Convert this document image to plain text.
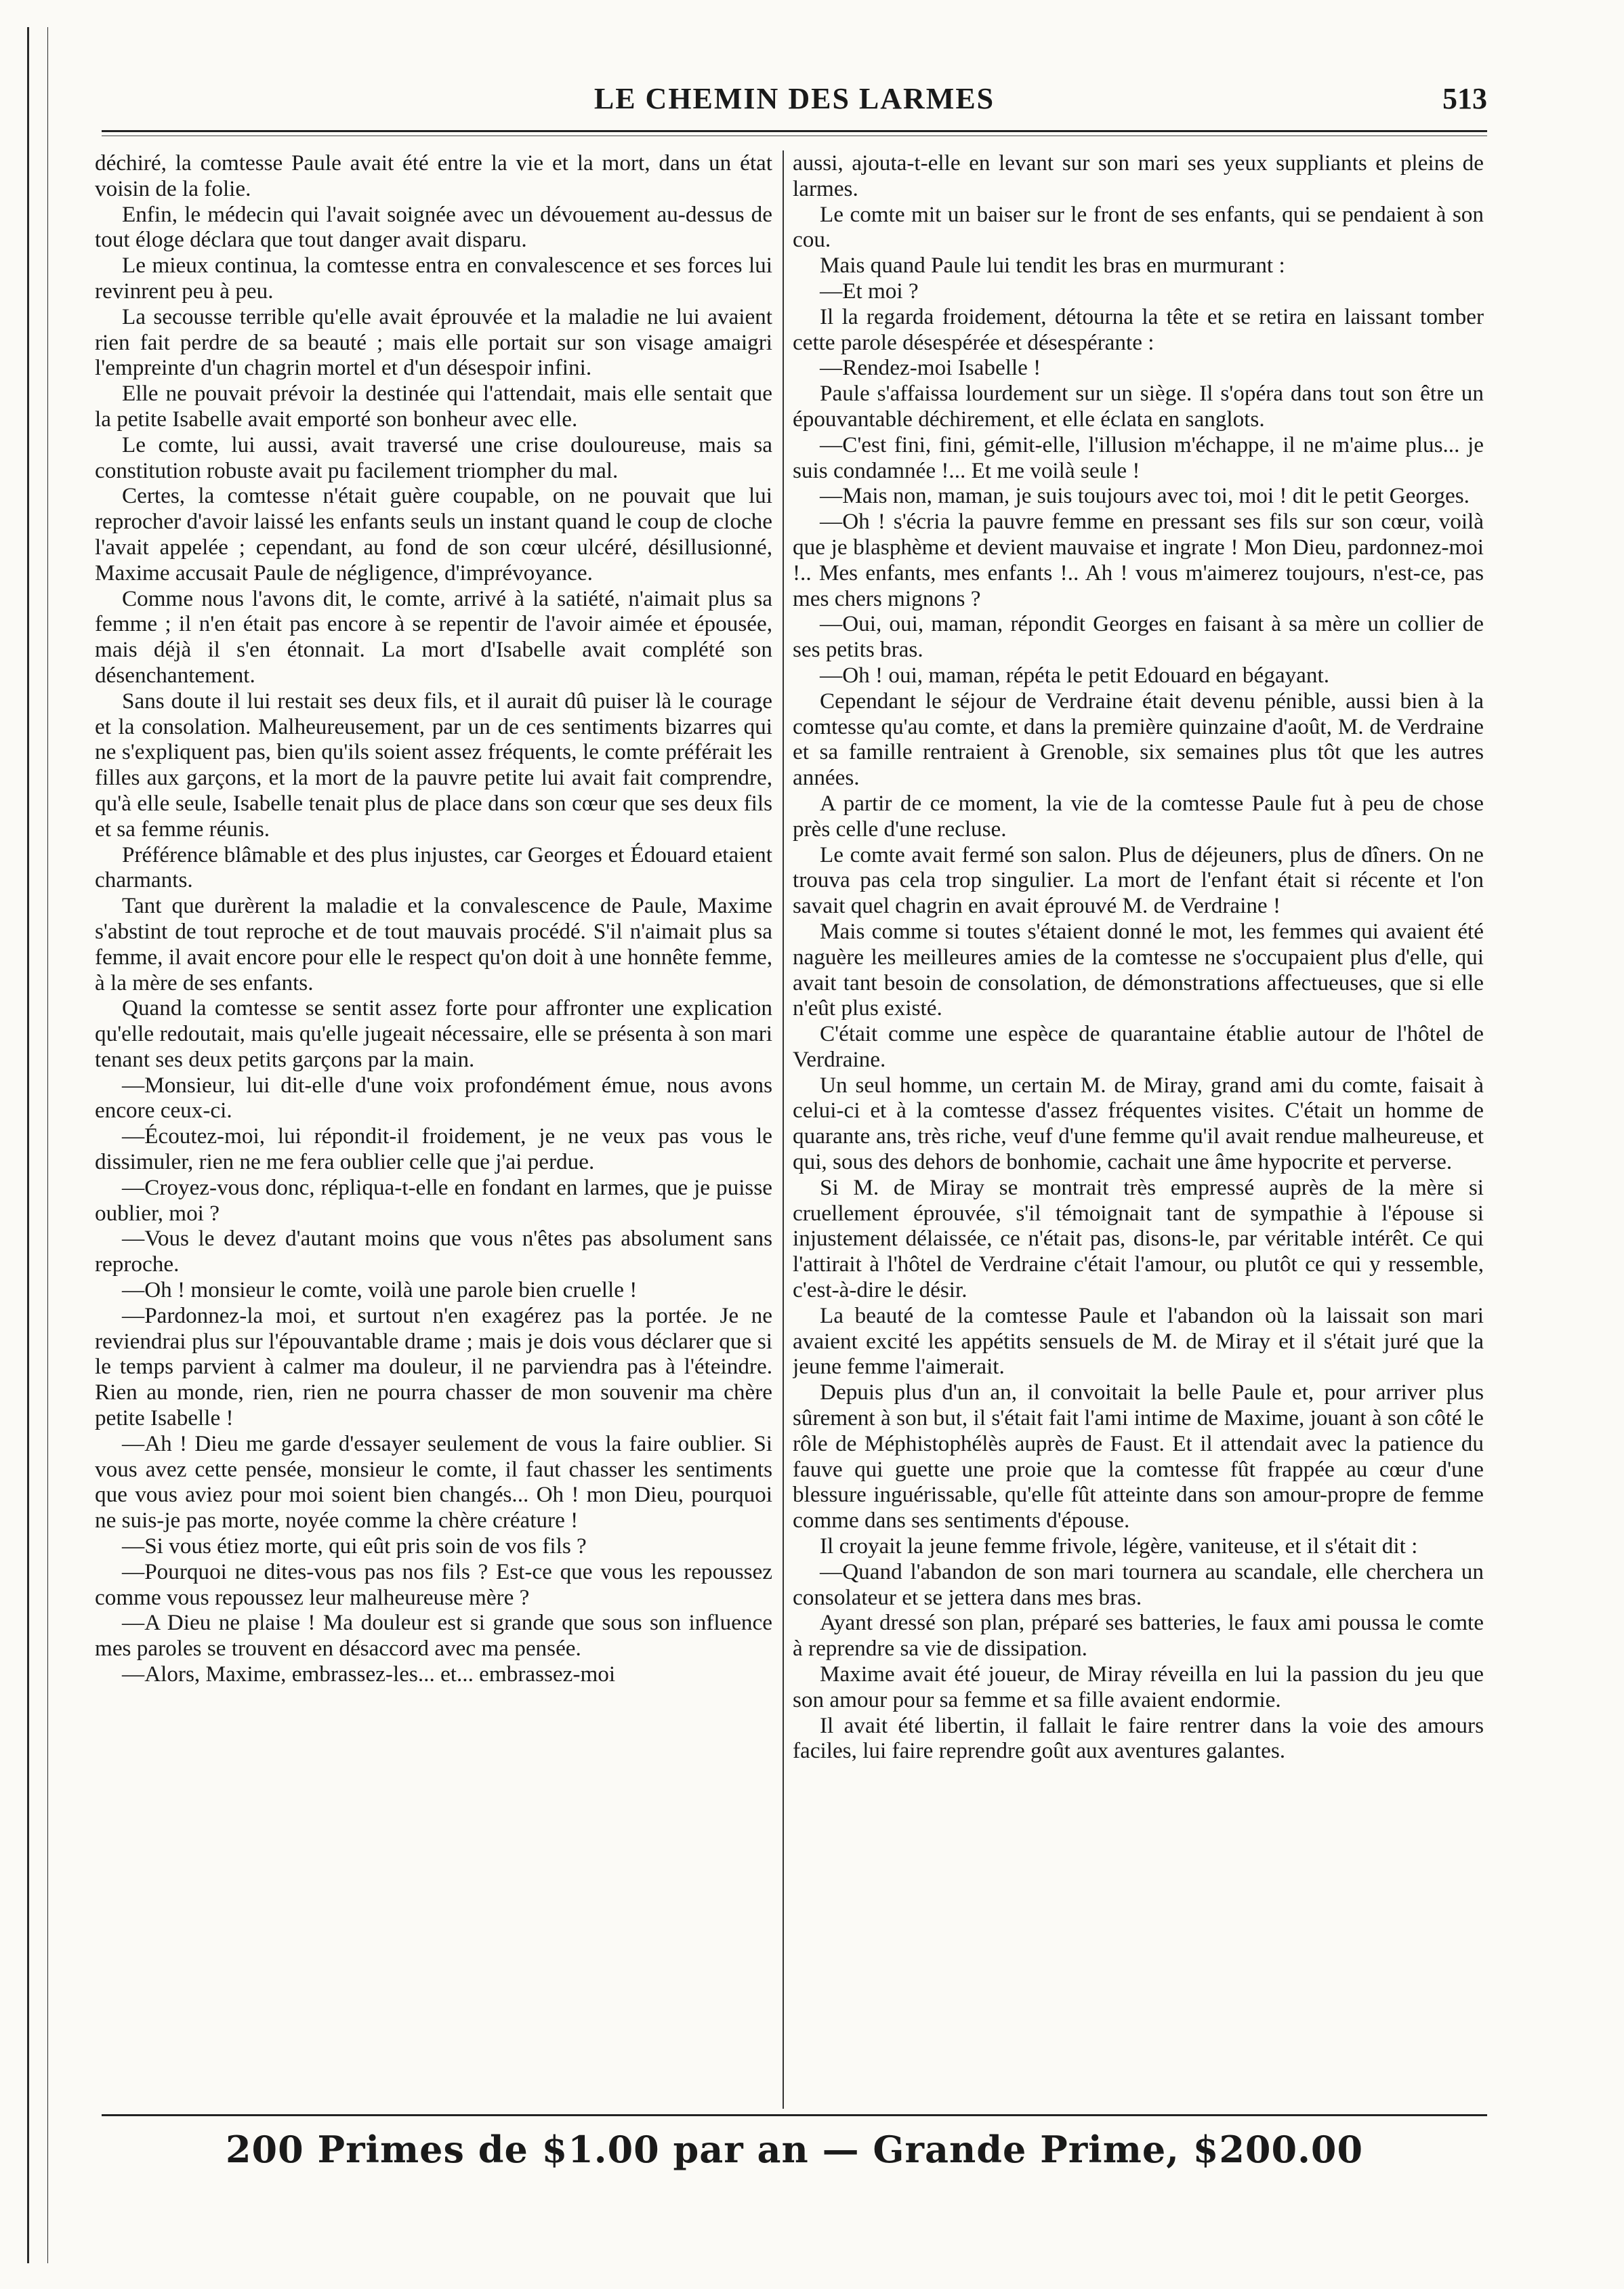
LE CHEMIN DES LARMES	513

déchiré, la comtesse Paule avait été entre la vie et la mort, dans un état voisin de la folie.

Enfin, le médecin qui l'avait soignée avec un dévouement au-dessus de tout éloge déclara que tout danger avait disparu.

Le mieux continua, la comtesse entra en convalescence et ses forces lui revinrent peu à peu.

La secousse terrible qu'elle avait éprouvée et la maladie ne lui avaient rien fait perdre de sa beauté ; mais elle portait sur son visage amaigri l'empreinte d'un chagrin mortel et d'un désespoir infini.

Elle ne pouvait prévoir la destinée qui l'attendait, mais elle sentait que la petite Isabelle avait emporté son bonheur avec elle.

Le comte, lui aussi, avait traversé une crise douloureuse, mais sa constitution robuste avait pu facilement triompher du mal.

Certes, la comtesse n'était guère coupable, on ne pouvait que lui reprocher d'avoir laissé les enfants seuls un instant quand le coup de cloche l'avait appelée ; cependant, au fond de son cœur ulcéré, désillusionné, Maxime accusait Paule de négligence, d'imprévoyance.

Comme nous l'avons dit, le comte, arrivé à la satiété, n'aimait plus sa femme ; il n'en était pas encore à se repentir de l'avoir aimée et épousée, mais déjà il s'en étonnait. La mort d'Isabelle avait complété son désenchantement.

Sans doute il lui restait ses deux fils, et il aurait dû puiser là le courage et la consolation. Malheureusement, par un de ces sentiments bizarres qui ne s'expliquent pas, bien qu'ils soient assez fréquents, le comte préférait les filles aux garçons, et la mort de la pauvre petite lui avait fait comprendre, qu'à elle seule, Isabelle tenait plus de place dans son cœur que ses deux fils et sa femme réunis.

Préférence blâmable et des plus injustes, car Georges et Édouard etaient charmants.

Tant que durèrent la maladie et la convalescence de Paule, Maxime s'abstint de tout reproche et de tout mauvais procédé. S'il n'aimait plus sa femme, il avait encore pour elle le respect qu'on doit à une honnête femme, à la mère de ses enfants.

Quand la comtesse se sentit assez forte pour affronter une explication qu'elle redoutait, mais qu'elle jugeait nécessaire, elle se présenta à son mari tenant ses deux petits garçons par la main.

—Monsieur, lui dit-elle d'une voix profondément émue, nous avons encore ceux-ci.

—Écoutez-moi, lui répondit-il froidement, je ne veux pas vous le dissimuler, rien ne me fera oublier celle que j'ai perdue.

—Croyez-vous donc, répliqua-t-elle en fondant en larmes, que je puisse oublier, moi ?

—Vous le devez d'autant moins que vous n'êtes pas absolument sans reproche.

—Oh ! monsieur le comte, voilà une parole bien cruelle !

—Pardonnez-la moi, et surtout n'en exagérez pas la portée. Je ne reviendrai plus sur l'épouvantable drame ; mais je dois vous déclarer que si le temps parvient à calmer ma douleur, il ne parviendra pas à l'éteindre. Rien au monde, rien, rien ne pourra chasser de mon souvenir ma chère petite Isabelle !

—Ah ! Dieu me garde d'essayer seulement de vous la faire oublier. Si vous avez cette pensée, monsieur le comte, il faut chasser les sentiments que vous aviez pour moi soient bien changés... Oh ! mon Dieu, pourquoi ne suis-je pas morte, noyée comme la chère créature !

—Si vous étiez morte, qui eût pris soin de vos fils ?

—Pourquoi ne dites-vous pas nos fils ? Est-ce que vous les repoussez comme vous repoussez leur malheureuse mère ?

—A Dieu ne plaise ! Ma douleur est si grande que sous son influence mes paroles se trouvent en désaccord avec ma pensée.

—Alors, Maxime, embrassez-les... et... embrassez-moi

aussi, ajouta-t-elle en levant sur son mari ses yeux suppliants et pleins de larmes.

Le comte mit un baiser sur le front de ses enfants, qui se pendaient à son cou.

Mais quand Paule lui tendit les bras en murmurant :

—Et moi ?

Il la regarda froidement, détourna la tête et se retira en laissant tomber cette parole désespérée et désespérante :

—Rendez-moi Isabelle !

Paule s'affaissa lourdement sur un siège. Il s'opéra dans tout son être un épouvantable déchirement, et elle éclata en sanglots.

—C'est fini, fini, gémit-elle, l'illusion m'échappe, il ne m'aime plus... je suis condamnée !... Et me voilà seule !

—Mais non, maman, je suis toujours avec toi, moi ! dit le petit Georges.

—Oh ! s'écria la pauvre femme en pressant ses fils sur son cœur, voilà que je blasphème et devient mauvaise et ingrate ! Mon Dieu, pardonnez-moi !.. Mes enfants, mes enfants !.. Ah ! vous m'aimerez toujours, n'est-ce, pas mes chers mignons ?

—Oui, oui, maman, répondit Georges en faisant à sa mère un collier de ses petits bras.

—Oh ! oui, maman, répéta le petit Edouard en bégayant.

Cependant le séjour de Verdraine était devenu pénible, aussi bien à la comtesse qu'au comte, et dans la première quinzaine d'août, M. de Verdraine et sa famille rentraient à Grenoble, six semaines plus tôt que les autres années.

A partir de ce moment, la vie de la comtesse Paule fut à peu de chose près celle d'une recluse.

Le comte avait fermé son salon. Plus de déjeuners, plus de dîners. On ne trouva pas cela trop singulier. La mort de l'enfant était si récente et l'on savait quel chagrin en avait éprouvé M. de Verdraine !

Mais comme si toutes s'étaient donné le mot, les femmes qui avaient été naguère les meilleures amies de la comtesse ne s'occupaient plus d'elle, qui avait tant besoin de consolation, de démonstrations affectueuses, que si elle n'eût plus existé.

C'était comme une espèce de quarantaine établie autour de l'hôtel de Verdraine.

Un seul homme, un certain M. de Miray, grand ami du comte, faisait à celui-ci et à la comtesse d'assez fréquentes visites. C'était un homme de quarante ans, très riche, veuf d'une femme qu'il avait rendue malheureuse, et qui, sous des dehors de bonhomie, cachait une âme hypocrite et perverse.

Si M. de Miray se montrait très empressé auprès de la mère si cruellement éprouvée, s'il témoignait tant de sympathie à l'épouse si injustement délaissée, ce n'était pas, disons-le, par véritable intérêt. Ce qui l'attirait à l'hôtel de Verdraine c'était l'amour, ou plutôt ce qui y ressemble, c'est-à-dire le désir.

La beauté de la comtesse Paule et l'abandon où la laissait son mari avaient excité les appétits sensuels de M. de Miray et il s'était juré que la jeune femme l'aimerait.

Depuis plus d'un an, il convoitait la belle Paule et, pour arriver plus sûrement à son but, il s'était fait l'ami intime de Maxime, jouant à son côté le rôle de Méphistophélès auprès de Faust. Et il attendait avec la patience du fauve qui guette une proie que la comtesse fût frappée au cœur d'une blessure inguérissable, qu'elle fût atteinte dans son amour-propre de femme comme dans ses sentiments d'épouse.

Il croyait la jeune femme frivole, légère, vaniteuse, et il s'était dit :

—Quand l'abandon de son mari tournera au scandale, elle cherchera un consolateur et se jettera dans mes bras.

Ayant dressé son plan, préparé ses batteries, le faux ami poussa le comte à reprendre sa vie de dissipation.

Maxime avait été joueur, de Miray réveilla en lui la passion du jeu que son amour pour sa femme et sa fille avaient endormie.

Il avait été libertin, il fallait le faire rentrer dans la voie des amours faciles, lui faire reprendre goût aux aventures galantes.

200 Primes de $1.00 par an — Grande Prime, $200.00
